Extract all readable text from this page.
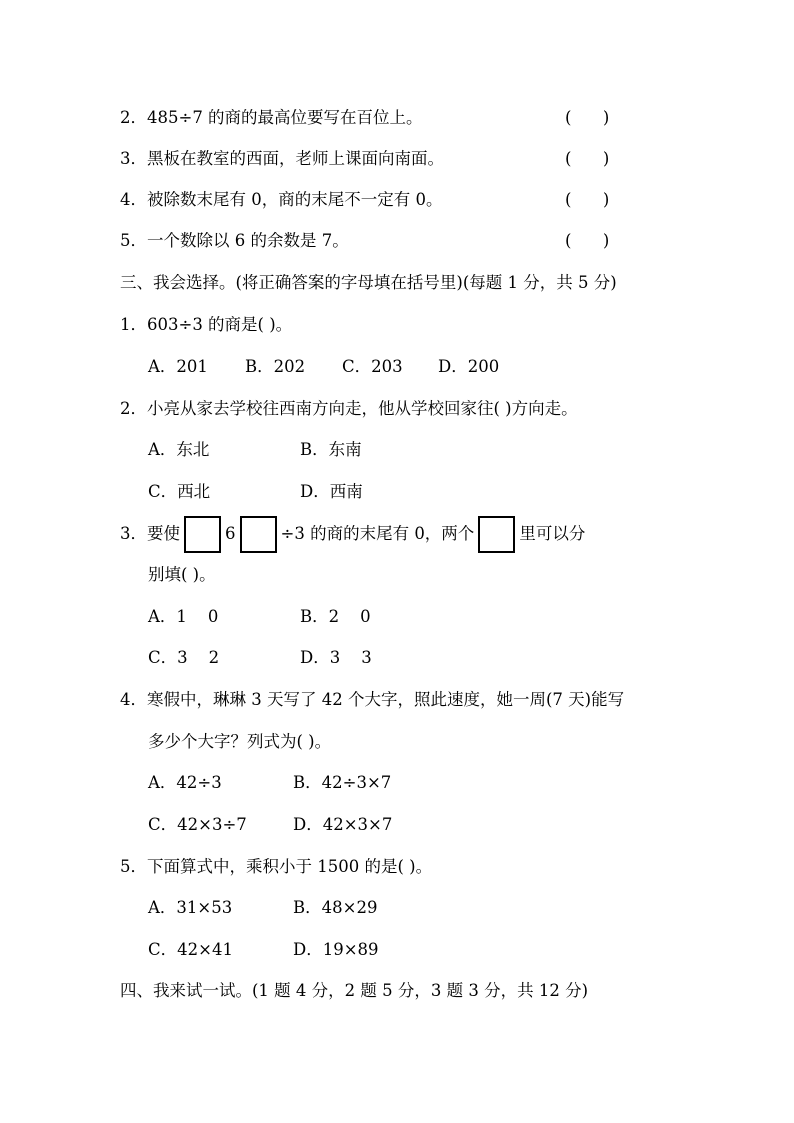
2．485÷7 的商的最高位要写在百位上。	(      )
3．黑板在教室的西面，老师上课面向南面。	(      )
4．被除数末尾有 0，商的末尾不一定有 0。	(      )
5．一个数除以 6 的余数是 7。	(      )
三、我会选择。(将正确答案的字母填在括号里)(每题 1 分，共 5 分)
1．603÷3 的商是( )。
A．201 B．202 C．203 D．200
2．小亮从家去学校往西南方向走，他从学校回家往( )方向走。
A．东北	B．东南
C．西北	D．西南
3．要使	6	÷3 的商的末尾有 0，两个	里可以分
别填( )。
A．1    0	B．2    0
C．3    2	D．3    3
4．寒假中，琳琳 3 天写了 42 个大字，照此速度，她一周(7 天)能写
多少个大字？列式为( )。
A．42÷3	B．42÷3×7
C．42×3÷7	D．42×3×7
5．下面算式中，乘积小于 1500 的是( )。
A．31×53	B．48×29
C．42×41	D．19×89
四、我来试一试。(1 题 4 分，2 题 5 分，3 题 3 分，共 12 分)
